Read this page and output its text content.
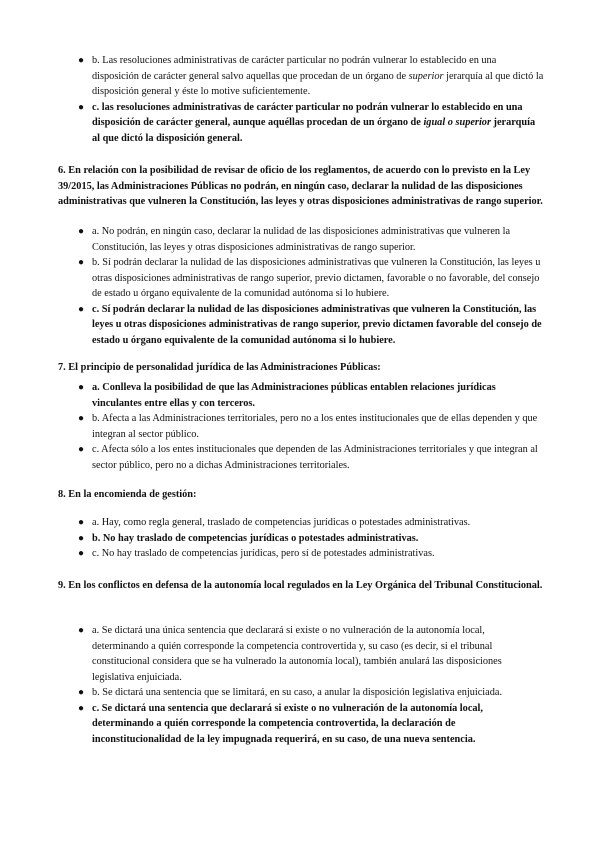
● b. Las resoluciones administrativas de carácter particular no podrán vulnerar lo establecido en una disposición de carácter general salvo aquellas que procedan de un órgano de superior jerarquía al que dictó la disposición general y éste lo motive suficientemente.
● c. las resoluciones administrativas de carácter particular no podrán vulnerar lo establecido en una disposición de carácter general, aunque aquéllas procedan de un órgano de igual o superior jerarquía al que dictó la disposición general.
6. En relación con la posibilidad de revisar de oficio de los reglamentos, de acuerdo con lo previsto en la Ley 39/2015, las Administraciones Públicas no podrán, en ningún caso, declarar la nulidad de las disposiciones administrativas que vulneren la Constitución, las leyes y otras disposiciones administrativas de rango superior.
● a. No podrán, en ningún caso, declarar la nulidad de las disposiciones administrativas que vulneren la Constitución, las leyes y otras disposiciones administrativas de rango superior.
● b. Sí podrán declarar la nulidad de las disposiciones administrativas que vulneren la Constitución, las leyes u otras disposiciones administrativas de rango superior, previo dictamen, favorable o no favorable, del consejo de estado u órgano equivalente de la comunidad autónoma si lo hubiere.
● c. Sí podrán declarar la nulidad de las disposiciones administrativas que vulneren la Constitución, las leyes u otras disposiciones administrativas de rango superior, previo dictamen favorable del consejo de estado u órgano equivalente de la comunidad autónoma si lo hubiere.
7. El principio de personalidad jurídica de las Administraciones Públicas:
● a. Conlleva la posibilidad de que las Administraciones públicas entablen relaciones jurídicas vinculantes entre ellas y con terceros.
● b. Afecta a las Administraciones territoriales, pero no a los entes institucionales que de ellas dependen y que integran al sector público.
● c. Afecta sólo a los entes institucionales que dependen de las Administraciones territoriales y que integran al sector público, pero no a dichas Administraciones territoriales.
8. En la encomienda de gestión:
● a. Hay, como regla general, traslado de competencias jurídicas o potestades administrativas.
● b. No hay traslado de competencias jurídicas o potestades administrativas.
● c. No hay traslado de competencias jurídicas, pero sí de potestades administrativas.
9. En los conflictos en defensa de la autonomía local regulados en la Ley Orgánica del Tribunal Constitucional.
● a. Se dictará una única sentencia que declarará si existe o no vulneración de la autonomía local, determinando a quién corresponde la competencia controvertida y, su caso (es decir, si el tribunal constitucional considera que se ha vulnerado la autonomía local), también anulará las disposiciones legislativa enjuiciada.
● b. Se dictará una sentencia que se limitará, en su caso, a anular la disposición legislativa enjuiciada.
● c. Se dictará una sentencia que declarará si existe o no vulneración de la autonomía local, determinando a quién corresponde la competencia controvertida, la declaración de inconstitucionalidad de la ley impugnada requerirá, en su caso, de una nueva sentencia.
